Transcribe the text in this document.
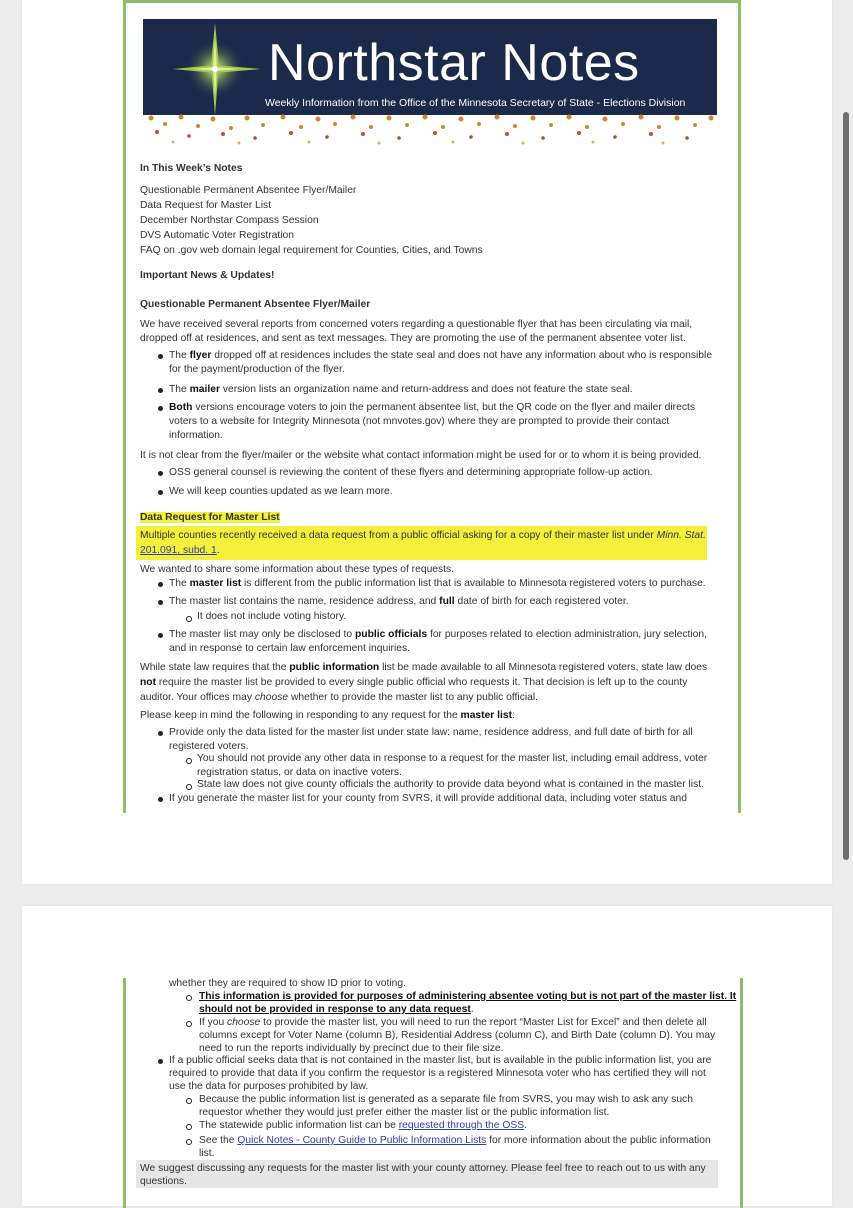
Northstar Notes
Weekly Information from the Office of the Minnesota Secretary of State - Elections Division
In This Week’s Notes
Questionable Permanent Absentee Flyer/Mailer
Data Request for Master List
December Northstar Compass Session
DVS Automatic Voter Registration
FAQ on .gov web domain legal requirement for Counties, Cities, and Towns
Important News & Updates!
Questionable Permanent Absentee Flyer/Mailer
We have received several reports from concerned voters regarding a questionable flyer that has been circulating via mail,
dropped off at residences, and sent as text messages. They are promoting the use of the permanent absentee voter list.
The flyer dropped off at residences includes the state seal and does not have any information about who is responsible
for the payment/production of the flyer.
The mailer version lists an organization name and return-address and does not feature the state seal.
Both versions encourage voters to join the permanent absentee list, but the QR code on the flyer and mailer directs
voters to a website for Integrity Minnesota (not mnvotes.gov) where they are prompted to provide their contact
information.
It is not clear from the flyer/mailer or the website what contact information might be used for or to whom it is being provided.
OSS general counsel is reviewing the content of these flyers and determining appropriate follow-up action.
We will keep counties updated as we learn more.
Data Request for Master List
Multiple counties recently received a data request from a public official asking for a copy of their master list under Minn. Stat.
201.091, subd. 1.
We wanted to share some information about these types of requests.
The master list is different from the public information list that is available to Minnesota registered voters to purchase.
The master list contains the name, residence address, and full date of birth for each registered voter.
It does not include voting history.
The master list may only be disclosed to public officials for purposes related to election administration, jury selection,
and in response to certain law enforcement inquiries.
While state law requires that the public information list be made available to all Minnesota registered voters, state law does
not require the master list be provided to every single public official who requests it. That decision is left up to the county
auditor. Your offices may choose whether to provide the master list to any public official.
Please keep in mind the following in responding to any request for the master list:
Provide only the data listed for the master list under state law: name, residence address, and full date of birth for all
registered voters.
You should not provide any other data in response to a request for the master list, including email address, voter
registration status, or data on inactive voters.
State law does not give county officials the authority to provide data beyond what is contained in the master list.
If you generate the master list for your county from SVRS, it will provide additional data, including voter status and
whether they are required to show ID prior to voting.
This information is provided for purposes of administering absentee voting but is not part of the master list. It
should not be provided in response to any data request.
If you choose to provide the master list, you will need to run the report “Master List for Excel” and then delete all
columns except for Voter Name (column B), Residential Address (column C), and Birth Date (column D). You may
need to run the reports individually by precinct due to their file size.
If a public official seeks data that is not contained in the master list, but is available in the public information list, you are
required to provide that data if you confirm the requestor is a registered Minnesota voter who has certified they will not
use the data for purposes prohibited by law.
Because the public information list is generated as a separate file from SVRS, you may wish to ask any such
requestor whether they would just prefer either the master list or the public information list.
The statewide public information list can be requested through the OSS.
See the Quick Notes - County Guide to Public Information Lists for more information about the public information
list.
We suggest discussing any requests for the master list with your county attorney. Please feel free to reach out to us with any
questions.
